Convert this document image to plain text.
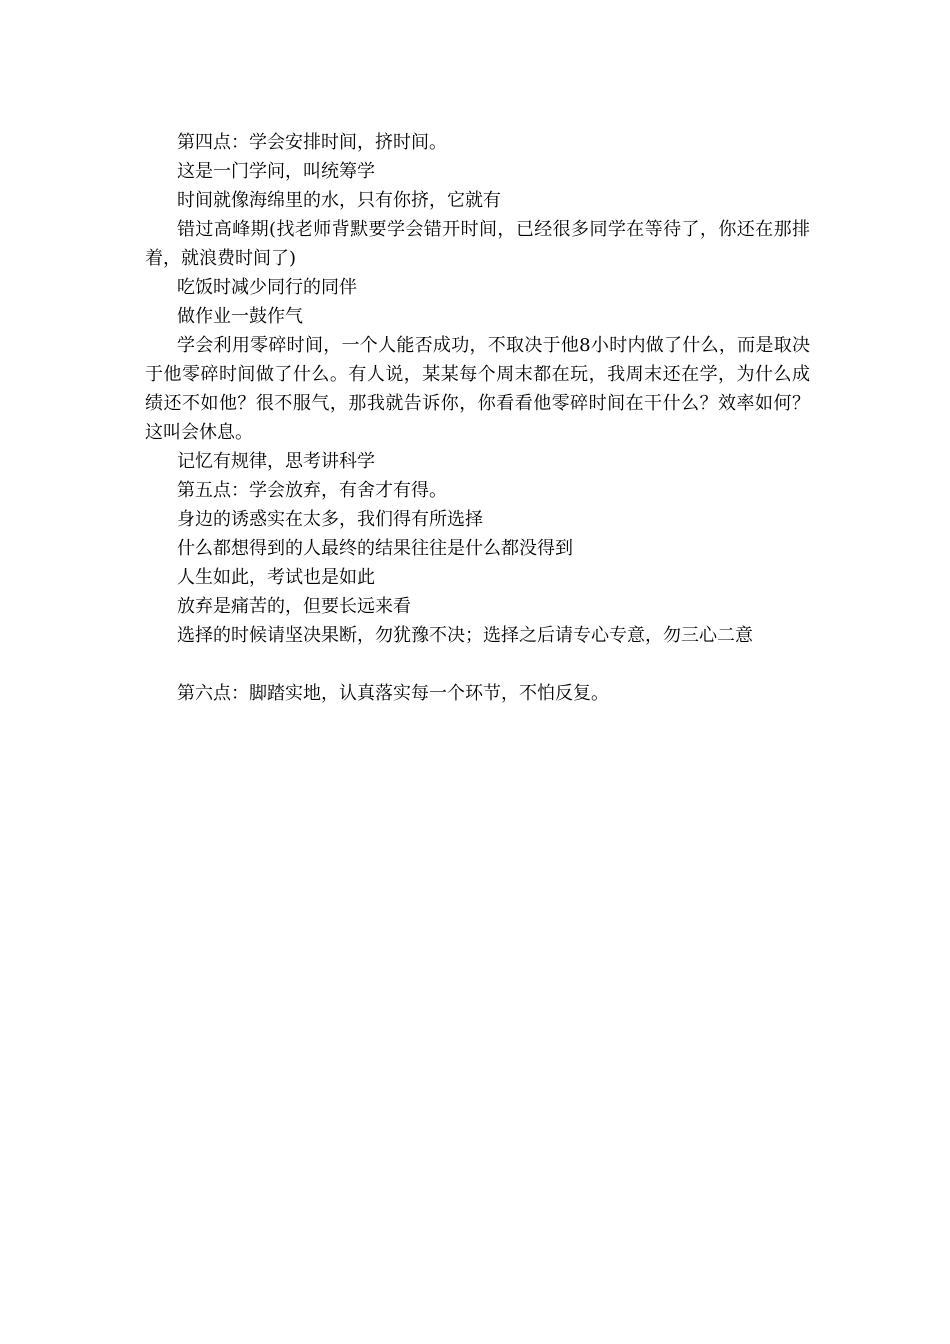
第四点：学会安排时间，挤时间。

这是一门学问，叫统筹学

时间就像海绵里的水，只有你挤，它就有

错过高峰期(找老师背默要学会错开时间，已经很多同学在等待了，你还在那排着，就浪费时间了)

吃饭时减少同行的同伴

做作业一鼓作气

学会利用零碎时间，一个人能否成功，不取决于他8小时内做了什么，而是取决于他零碎时间做了什么。有人说，某某每个周末都在玩，我周末还在学，为什么成绩还不如他？很不服气，那我就告诉你，你看看他零碎时间在干什么？效率如何？这叫会休息。

记忆有规律，思考讲科学

第五点：学会放弃，有舍才有得。

身边的诱惑实在太多，我们得有所选择

什么都想得到的人最终的结果往往是什么都没得到

人生如此，考试也是如此

放弃是痛苦的，但要长远来看

选择的时候请坚决果断，勿犹豫不决；选择之后请专心专意，勿三心二意

第六点：脚踏实地，认真落实每一个环节，不怕反复。
